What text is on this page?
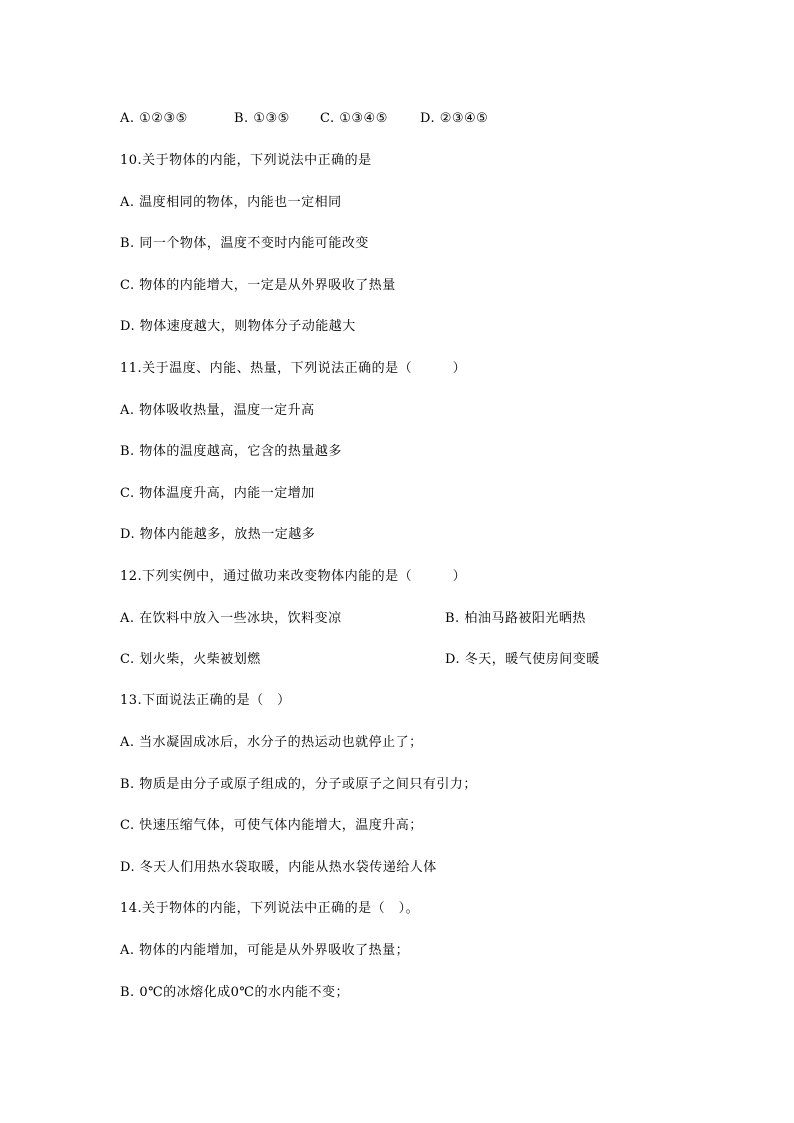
A. ①②③⑤	B. ①③⑤ C. ①③④⑤ D. ②③④⑤
10.关于物体的内能，下列说法中正确的是
A. 温度相同的物体，内能也一定相同
B. 同一个物体，温度不变时内能可能改变
C. 物体的内能增大，一定是从外界吸收了热量
D. 物体速度越大，则物体分子动能越大
11.关于温度、内能、热量，下列说法正确的是（　　　）
A. 物体吸收热量，温度一定升高
B. 物体的温度越高，它含的热量越多
C. 物体温度升高，内能一定增加
D. 物体内能越多，放热一定越多
12.下列实例中，通过做功来改变物体内能的是（　　　）
A. 在饮料中放入一些冰块，饮料变凉	B. 柏油马路被阳光晒热
C. 划火柴，火柴被划燃	D. 冬天，暖气使房间变暖
13.下面说法正确的是（　）
A. 当水凝固成冰后，水分子的热运动也就停止了；
B. 物质是由分子或原子组成的，分子或原子之间只有引力；
C. 快速压缩气体，可使气体内能增大，温度升高；
D. 冬天人们用热水袋取暖，内能从热水袋传递给人体
14.关于物体的内能，下列说法中正确的是（　）。
A. 物体的内能增加，可能是从外界吸收了热量；
B. 0℃的冰熔化成0℃的水内能不变；
